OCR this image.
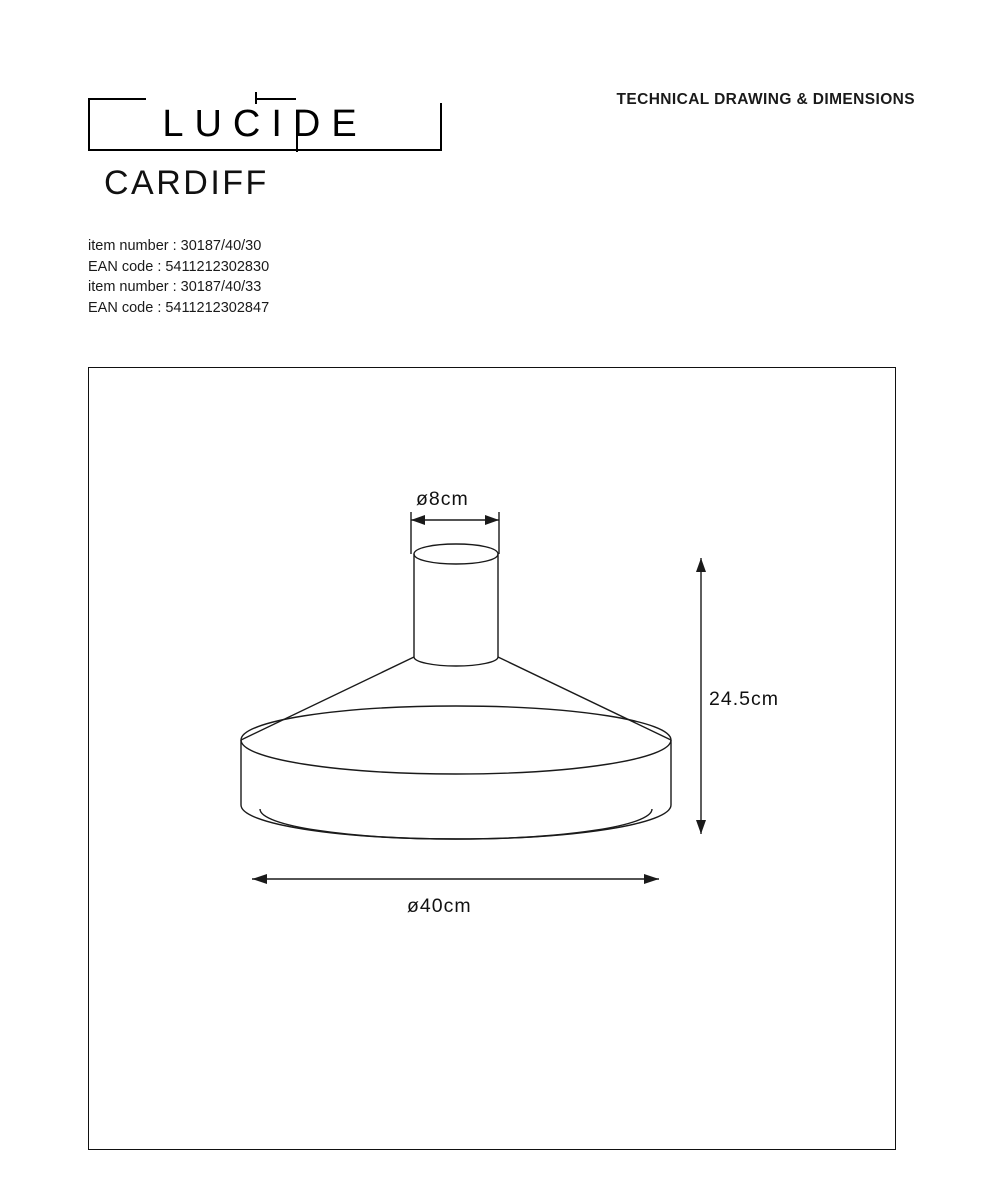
LUCIDE
TECHNICAL DRAWING & DIMENSIONS
CARDIFF
item number : 30187/40/30
EAN code : 5411212302830
item number : 30187/40/33
EAN code : 5411212302847
ø8cm
24.5cm
ø40cm
